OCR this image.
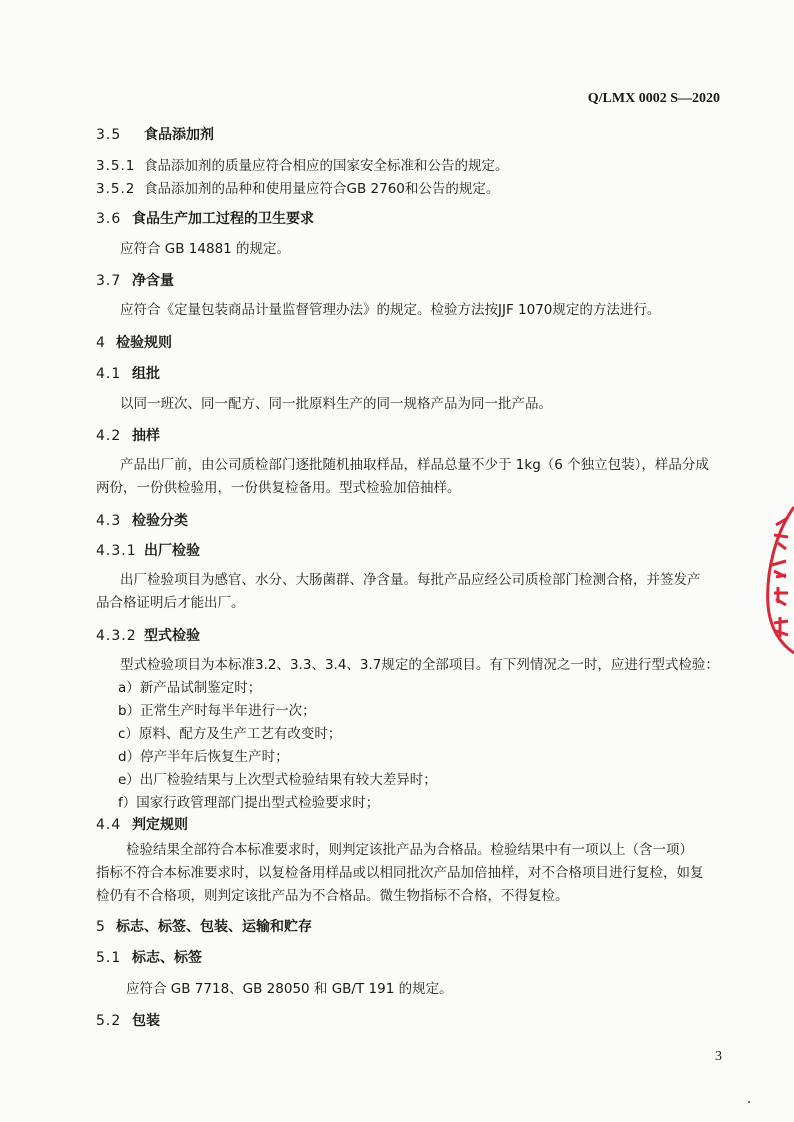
Q/LMX 0002 S—2020
3.5 食品添加剂
3.5.1 食品添加剂的质量应符合相应的国家安全标准和公告的规定。
3.5.2 食品添加剂的品种和使用量应符合GB 2760和公告的规定。
3.6 食品生产加工过程的卫生要求
应符合 GB 14881 的规定。
3.7 净含量
应符合《定量包装商品计量监督管理办法》的规定。检验方法按JJF 1070规定的方法进行。
4 检验规则
4.1 组批
以同一班次、同一配方、同一批原料生产的同一规格产品为同一批产品。
4.2 抽样
产品出厂前，由公司质检部门逐批随机抽取样品，样品总量不少于 1kg（6 个独立包装），样品分成
两份，一份供检验用，一份供复检备用。型式检验加倍抽样。
4.3 检验分类
4.3.1 出厂检验
出厂检验项目为感官、水分、大肠菌群、净含量。每批产品应经公司质检部门检测合格，并签发产
品合格证明后才能出厂。
4.3.2 型式检验
型式检验项目为本标准3.2、3.3、3.4、3.7规定的全部项目。有下列情况之一时，应进行型式检验：
a）新产品试制鉴定时；
b）正常生产时每半年进行一次；
c）原料、配方及生产工艺有改变时；
d）停产半年后恢复生产时；
e）出厂检验结果与上次型式检验结果有较大差异时；
f）国家行政管理部门提出型式检验要求时；
4.4 判定规则
检验结果全部符合本标准要求时，则判定该批产品为合格品。检验结果中有一项以上（含一项）
指标不符合本标准要求时，以复检备用样品或以相同批次产品加倍抽样，对不合格项目进行复检，如复
检仍有不合格项，则判定该批产品为不合格品。微生物指标不合格，不得复检。
5 标志、标签、包装、运输和贮存
5.1 标志、标签
应符合 GB 7718、GB 28050 和 GB/T 191 的规定。
5.2 包装
3
